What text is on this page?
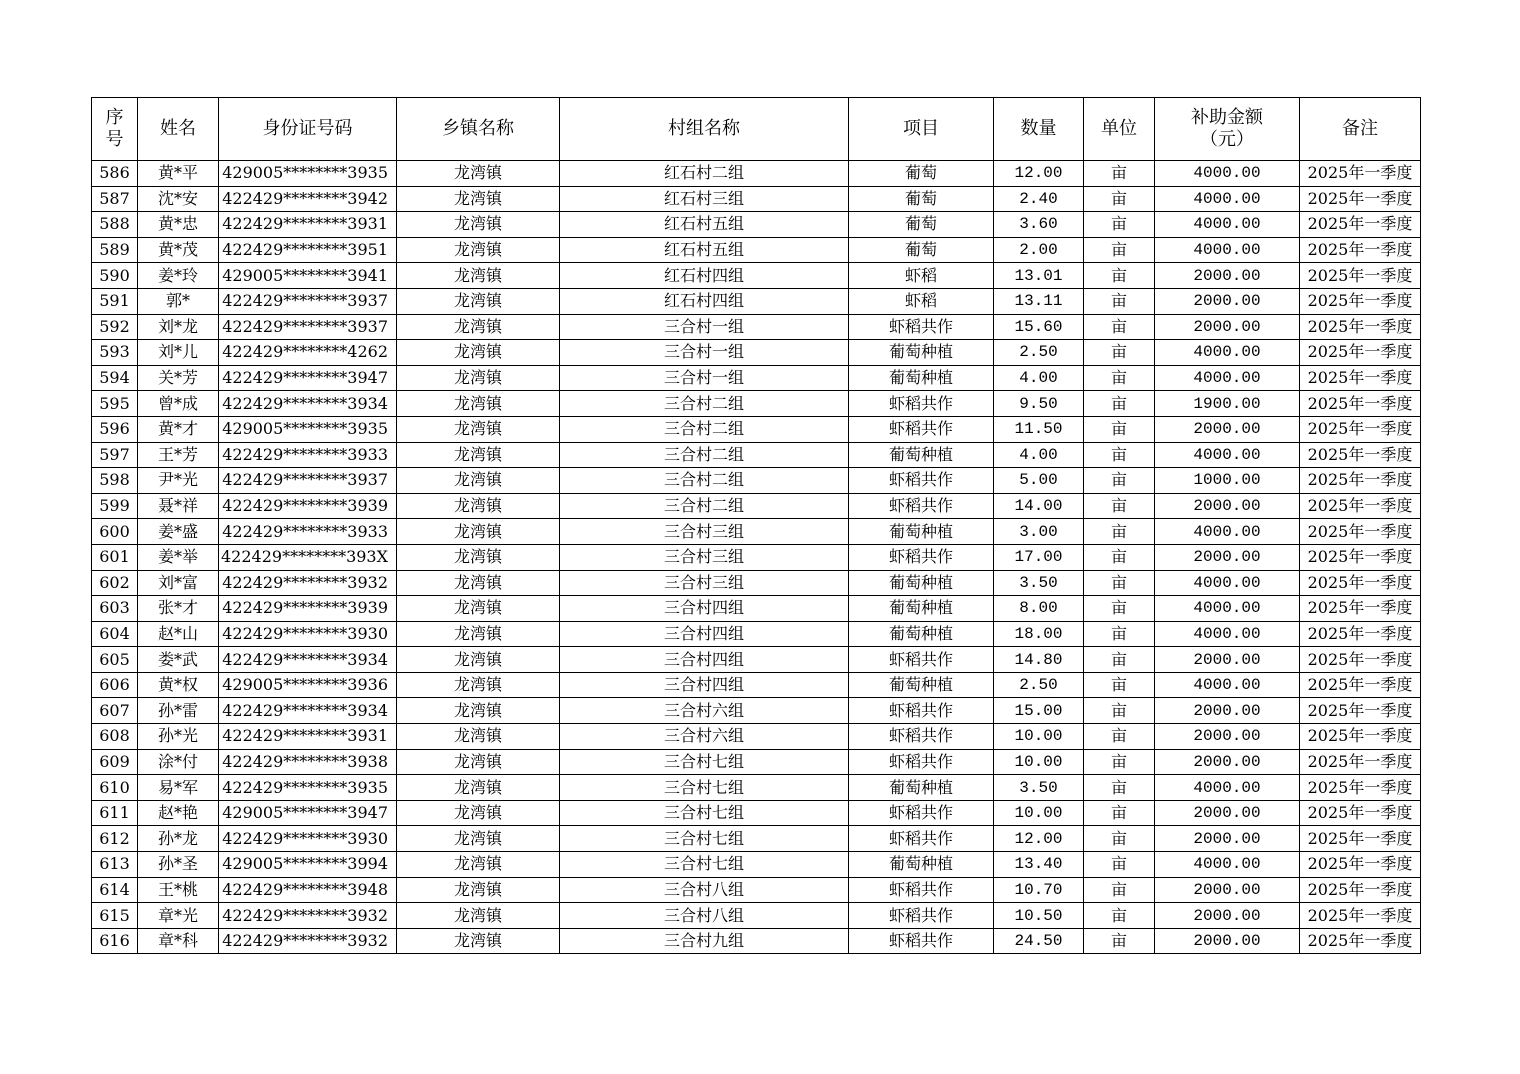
序号	姓名	身份证号码	乡镇名称	村组名称	项目	数量	单位	补助金额（元）	备注
586	黄*平	429005********3935	龙湾镇	红石村二组	葡萄	12.00	亩	4000.00	2025年一季度
587	沈*安	422429********3942	龙湾镇	红石村三组	葡萄	2.40	亩	4000.00	2025年一季度
588	黄*忠	422429********3931	龙湾镇	红石村五组	葡萄	3.60	亩	4000.00	2025年一季度
589	黄*茂	422429********3951	龙湾镇	红石村五组	葡萄	2.00	亩	4000.00	2025年一季度
590	姜*玲	429005********3941	龙湾镇	红石村四组	虾稻	13.01	亩	2000.00	2025年一季度
591	郭*	422429********3937	龙湾镇	红石村四组	虾稻	13.11	亩	2000.00	2025年一季度
592	刘*龙	422429********3937	龙湾镇	三合村一组	虾稻共作	15.60	亩	2000.00	2025年一季度
593	刘*儿	422429********4262	龙湾镇	三合村一组	葡萄种植	2.50	亩	4000.00	2025年一季度
594	关*芳	422429********3947	龙湾镇	三合村一组	葡萄种植	4.00	亩	4000.00	2025年一季度
595	曾*成	422429********3934	龙湾镇	三合村二组	虾稻共作	9.50	亩	1900.00	2025年一季度
596	黄*才	429005********3935	龙湾镇	三合村二组	虾稻共作	11.50	亩	2000.00	2025年一季度
597	王*芳	422429********3933	龙湾镇	三合村二组	葡萄种植	4.00	亩	4000.00	2025年一季度
598	尹*光	422429********3937	龙湾镇	三合村二组	虾稻共作	5.00	亩	1000.00	2025年一季度
599	聂*祥	422429********3939	龙湾镇	三合村二组	虾稻共作	14.00	亩	2000.00	2025年一季度
600	姜*盛	422429********3933	龙湾镇	三合村三组	葡萄种植	3.00	亩	4000.00	2025年一季度
601	姜*举	422429********393X	龙湾镇	三合村三组	虾稻共作	17.00	亩	2000.00	2025年一季度
602	刘*富	422429********3932	龙湾镇	三合村三组	葡萄种植	3.50	亩	4000.00	2025年一季度
603	张*才	422429********3939	龙湾镇	三合村四组	葡萄种植	8.00	亩	4000.00	2025年一季度
604	赵*山	422429********3930	龙湾镇	三合村四组	葡萄种植	18.00	亩	4000.00	2025年一季度
605	娄*武	422429********3934	龙湾镇	三合村四组	虾稻共作	14.80	亩	2000.00	2025年一季度
606	黄*权	429005********3936	龙湾镇	三合村四组	葡萄种植	2.50	亩	4000.00	2025年一季度
607	孙*雷	422429********3934	龙湾镇	三合村六组	虾稻共作	15.00	亩	2000.00	2025年一季度
608	孙*光	422429********3931	龙湾镇	三合村六组	虾稻共作	10.00	亩	2000.00	2025年一季度
609	涂*付	422429********3938	龙湾镇	三合村七组	虾稻共作	10.00	亩	2000.00	2025年一季度
610	易*军	422429********3935	龙湾镇	三合村七组	葡萄种植	3.50	亩	4000.00	2025年一季度
611	赵*艳	429005********3947	龙湾镇	三合村七组	虾稻共作	10.00	亩	2000.00	2025年一季度
612	孙*龙	422429********3930	龙湾镇	三合村七组	虾稻共作	12.00	亩	2000.00	2025年一季度
613	孙*圣	429005********3994	龙湾镇	三合村七组	葡萄种植	13.40	亩	4000.00	2025年一季度
614	王*桃	422429********3948	龙湾镇	三合村八组	虾稻共作	10.70	亩	2000.00	2025年一季度
615	章*光	422429********3932	龙湾镇	三合村八组	虾稻共作	10.50	亩	2000.00	2025年一季度
616	章*科	422429********3932	龙湾镇	三合村九组	虾稻共作	24.50	亩	2000.00	2025年一季度
